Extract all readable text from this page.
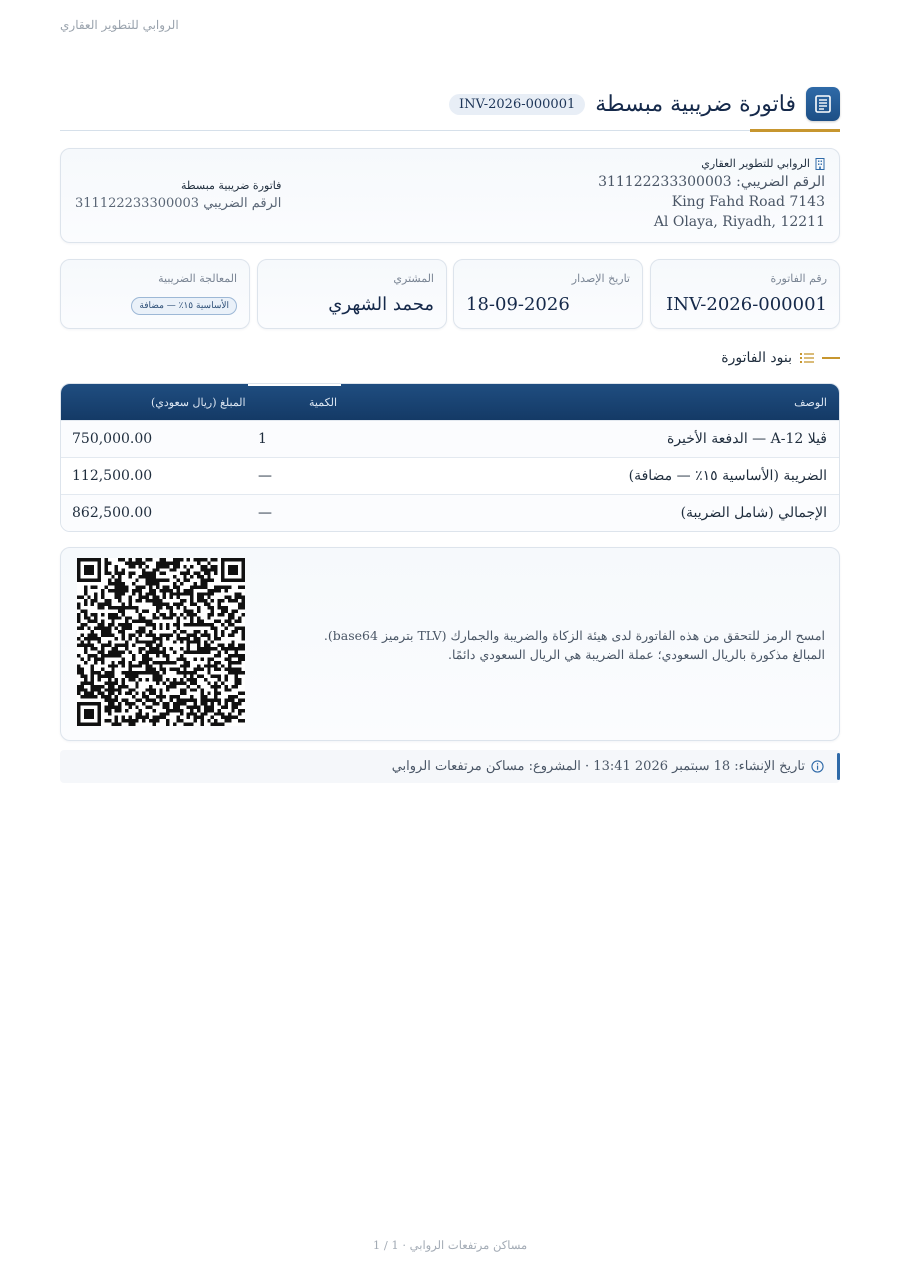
الروابي للتطوير العقاري
فاتورة ضريبية مبسطة
INV-2026-000001
الروابي للتطوير العقاري
الرقم الضريبي: 311122233300003
King Fahd Road 7143
Al Olaya, Riyadh, 12211
فاتورة ضريبية مبسطة
الرقم الضريبي 311122233300003
رقم الفاتورة
INV-2026-000001
تاريخ الإصدار
18-09-2026
المشتري
محمد الشهري
المعالجة الضريبية
الأساسية ١٥٪ — مضافة
بنود الفاتورة
الوصف
الكمية
المبلغ (ريال سعودي)
ڤيلا A-12 — الدفعة الأخيرة
1
750,000.00
الضريبة (الأساسية ١٥٪ — مضافة)
—
112,500.00
الإجمالي (شامل الضريبة)
—
862,500.00
امسح الرمز للتحقق من هذه الفاتورة لدى هيئة الزكاة والضريبة والجمارك (TLV بترميز base64).
المبالغ مذكورة بالريال السعودي؛ عملة الضريبة هي الريال السعودي دائمًا.
تاريخ الإنشاء: 18 سبتمبر 2026 13:41 · المشروع: مساكن مرتفعات الروابي
مساكن مرتفعات الروابي · 1 / 1
